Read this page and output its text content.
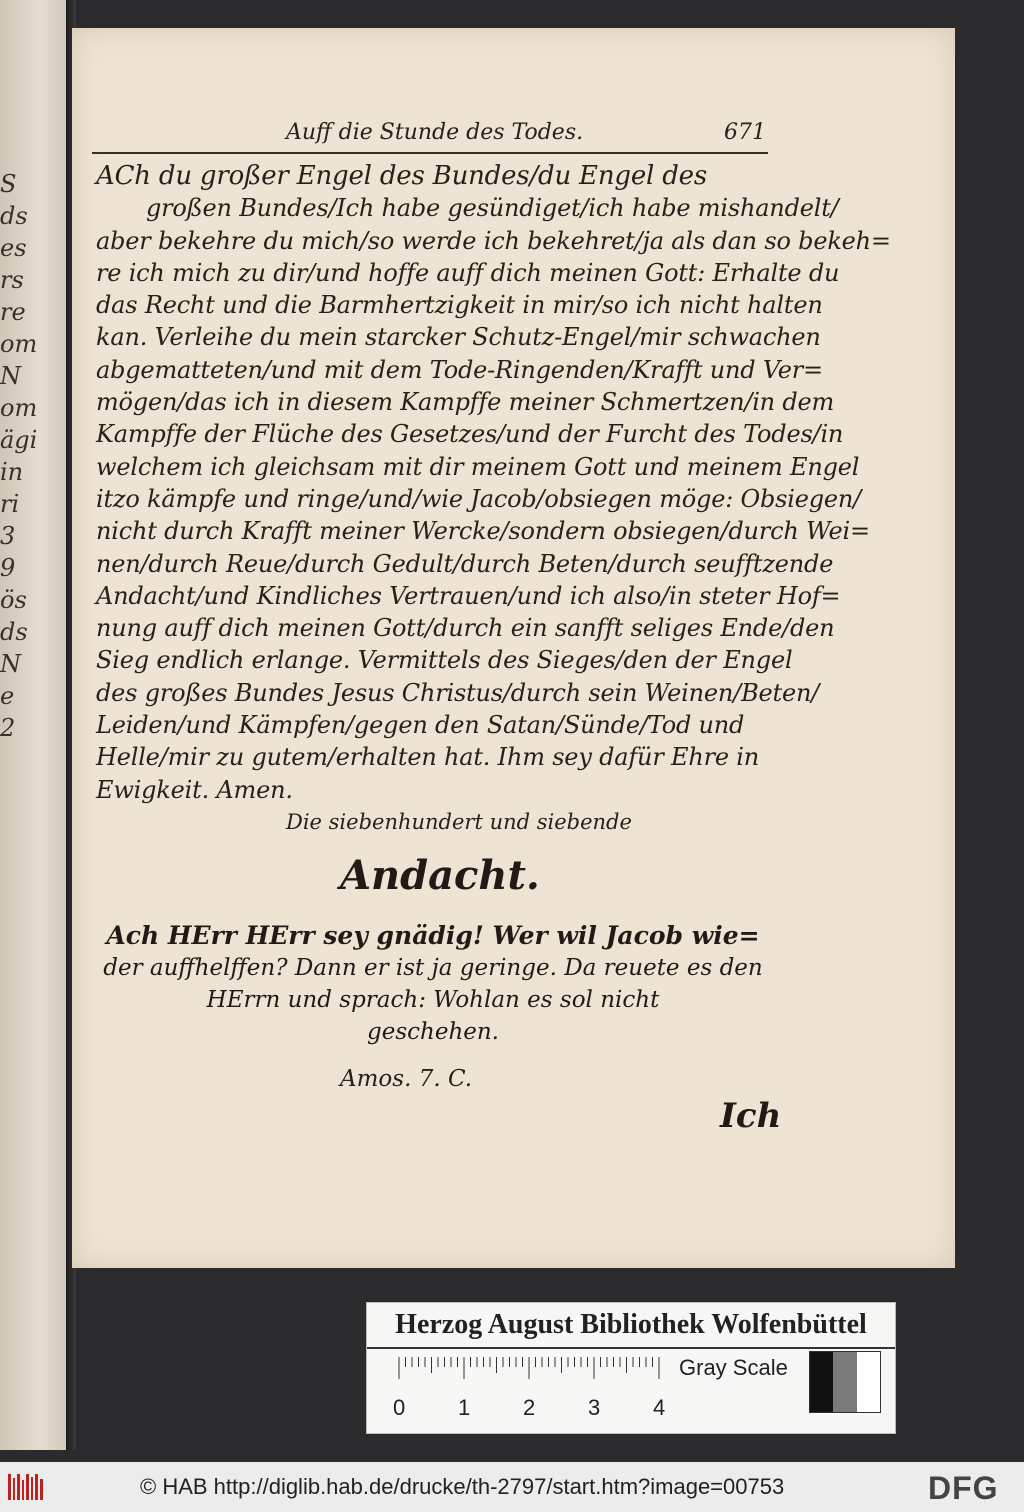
S
ds
es
rs
re
om
N
om
ägi
in
ri
3
9
ös
ds
N
e
2
Auff die Stunde des Todes.	671
ACh du großer Engel des Bundes/du Engel des
großen Bundes/Ich habe gesündiget/ich habe mishandelt/
aber bekehre du mich/so werde ich bekehret/ja als dan so bekeh=
re ich mich zu dir/und hoffe auff dich meinen Gott: Erhalte du
das Recht und die Barmhertzigkeit in mir/so ich nicht halten
kan. Verleihe du mein starcker Schutz-Engel/mir schwachen
abgematteten/und mit dem Tode-Ringenden/Krafft und Ver=
mögen/das ich in diesem Kampffe meiner Schmertzen/in dem
Kampffe der Flüche des Gesetzes/und der Furcht des Todes/in
welchem ich gleichsam mit dir meinem Gott und meinem Engel
itzo kämpfe und ringe/und/wie Jacob/obsiegen möge: Obsiegen/
nicht durch Krafft meiner Wercke/sondern obsiegen/durch Wei=
nen/durch Reue/durch Gedult/durch Beten/durch seufftzende
Andacht/und Kindliches Vertrauen/und ich also/in steter Hof=
nung auff dich meinen Gott/durch ein sanfft seliges Ende/den
Sieg endlich erlange. Vermittels des Sieges/den der Engel
des großes Bundes Jesus Christus/durch sein Weinen/Beten/
Leiden/und Kämpfen/gegen den Satan/Sünde/Tod und
Helle/mir zu gutem/erhalten hat. Ihm sey dafür Ehre in
Ewigkeit. Amen.
Die siebenhundert und siebende
Andacht.
Ach HErr HErr sey gnädig! Wer wil Jacob wie=
der auffhelffen? Dann er ist ja geringe. Da reuete es den
HErrn und sprach: Wohlan es sol nicht
geschehen.
Amos. 7. C.
Ich
Herzog August Bibliothek Wolfenbüttel
0 1 2 3 4
Gray Scale
© HAB http://diglib.hab.de/drucke/th-2797/start.htm?image=00753	DFG
